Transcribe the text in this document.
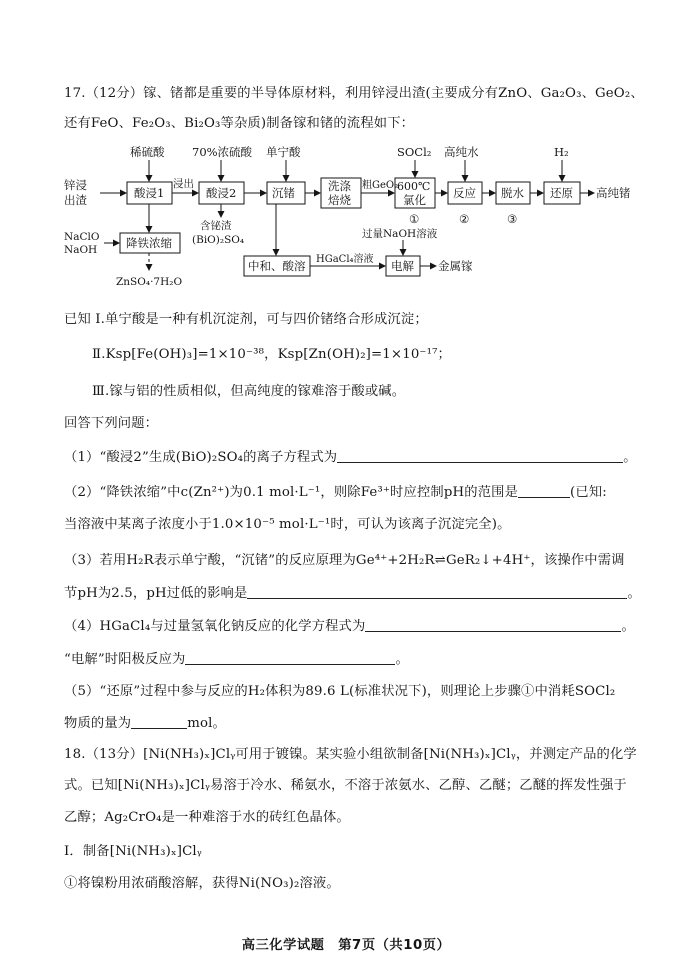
17.（12分）镓、锗都是重要的半导体原材料，利用锌浸出渣(主要成分有ZnO、Ga₂O₃、GeO₂、
还有FeO、Fe₂O₃、Bi₂O₃等杂质)制备镓和锗的流程如下：
锌浸
出渣	酸浸1
浸出
酸浸2	沉锗	洗涤
焙烧
粗GeO₂
600℃
氯化 反应 脱水 还原 高纯锗
稀硫酸 70%浓硫酸 单宁酸	SOCl₂ 高纯水	H₂
①	②	③
含铋渣
(BiO)₂SO₄
NaClO
NaOH	降铁浓缩
ZnSO₄·7H₂O
中和、酸溶 HGaCl₄溶液
过量NaOH溶液
电解 金属镓
已知 Ⅰ.单宁酸是一种有机沉淀剂，可与四价锗络合形成沉淀；
Ⅱ.Ksp[Fe(OH)₃]=1×10⁻³⁸，Ksp[Zn(OH)₂]=1×10⁻¹⁷；
Ⅲ.镓与铝的性质相似，但高纯度的镓难溶于酸或碱。
回答下列问题：
（1）“酸浸2”生成(BiO)₂SO₄的离子方程式为	。
（2）“降铁浓缩”中c(Zn²⁺)为0.1 mol·L⁻¹，则除Fe³⁺时应控制pH的范围是	(已知:
当溶液中某离子浓度小于1.0×10⁻⁵ mol·L⁻¹时，可认为该离子沉淀完全)。
（3）若用H₂R表示单宁酸，“沉锗”的反应原理为Ge⁴⁺+2H₂R⇌GeR₂↓+4H⁺，该操作中需调
节pH为2.5，pH过低的影响是	。
（4）HGaCl₄与过量氢氧化钠反应的化学方程式为	。
“电解”时阳极反应为	。
（5）“还原”过程中参与反应的H₂体积为89.6 L(标准状况下)，则理论上步骤①中消耗SOCl₂
物质的量为	mol。
18.（13分）[Ni(NH₃)ₓ]Clᵧ可用于镀镍。某实验小组欲制备[Ni(NH₃)ₓ]Clᵧ，并测定产品的化学
式。已知[Ni(NH₃)ₓ]Clᵧ易溶于冷水、稀氨水，不溶于浓氨水、乙醇、乙醚；乙醚的挥发性强于
乙醇；Ag₂CrO₄是一种难溶于水的砖红色晶体。
Ⅰ．制备[Ni(NH₃)ₓ]Clᵧ
①将镍粉用浓硝酸溶解，获得Ni(NO₃)₂溶液。
高三化学试题　第7页（共10页）
